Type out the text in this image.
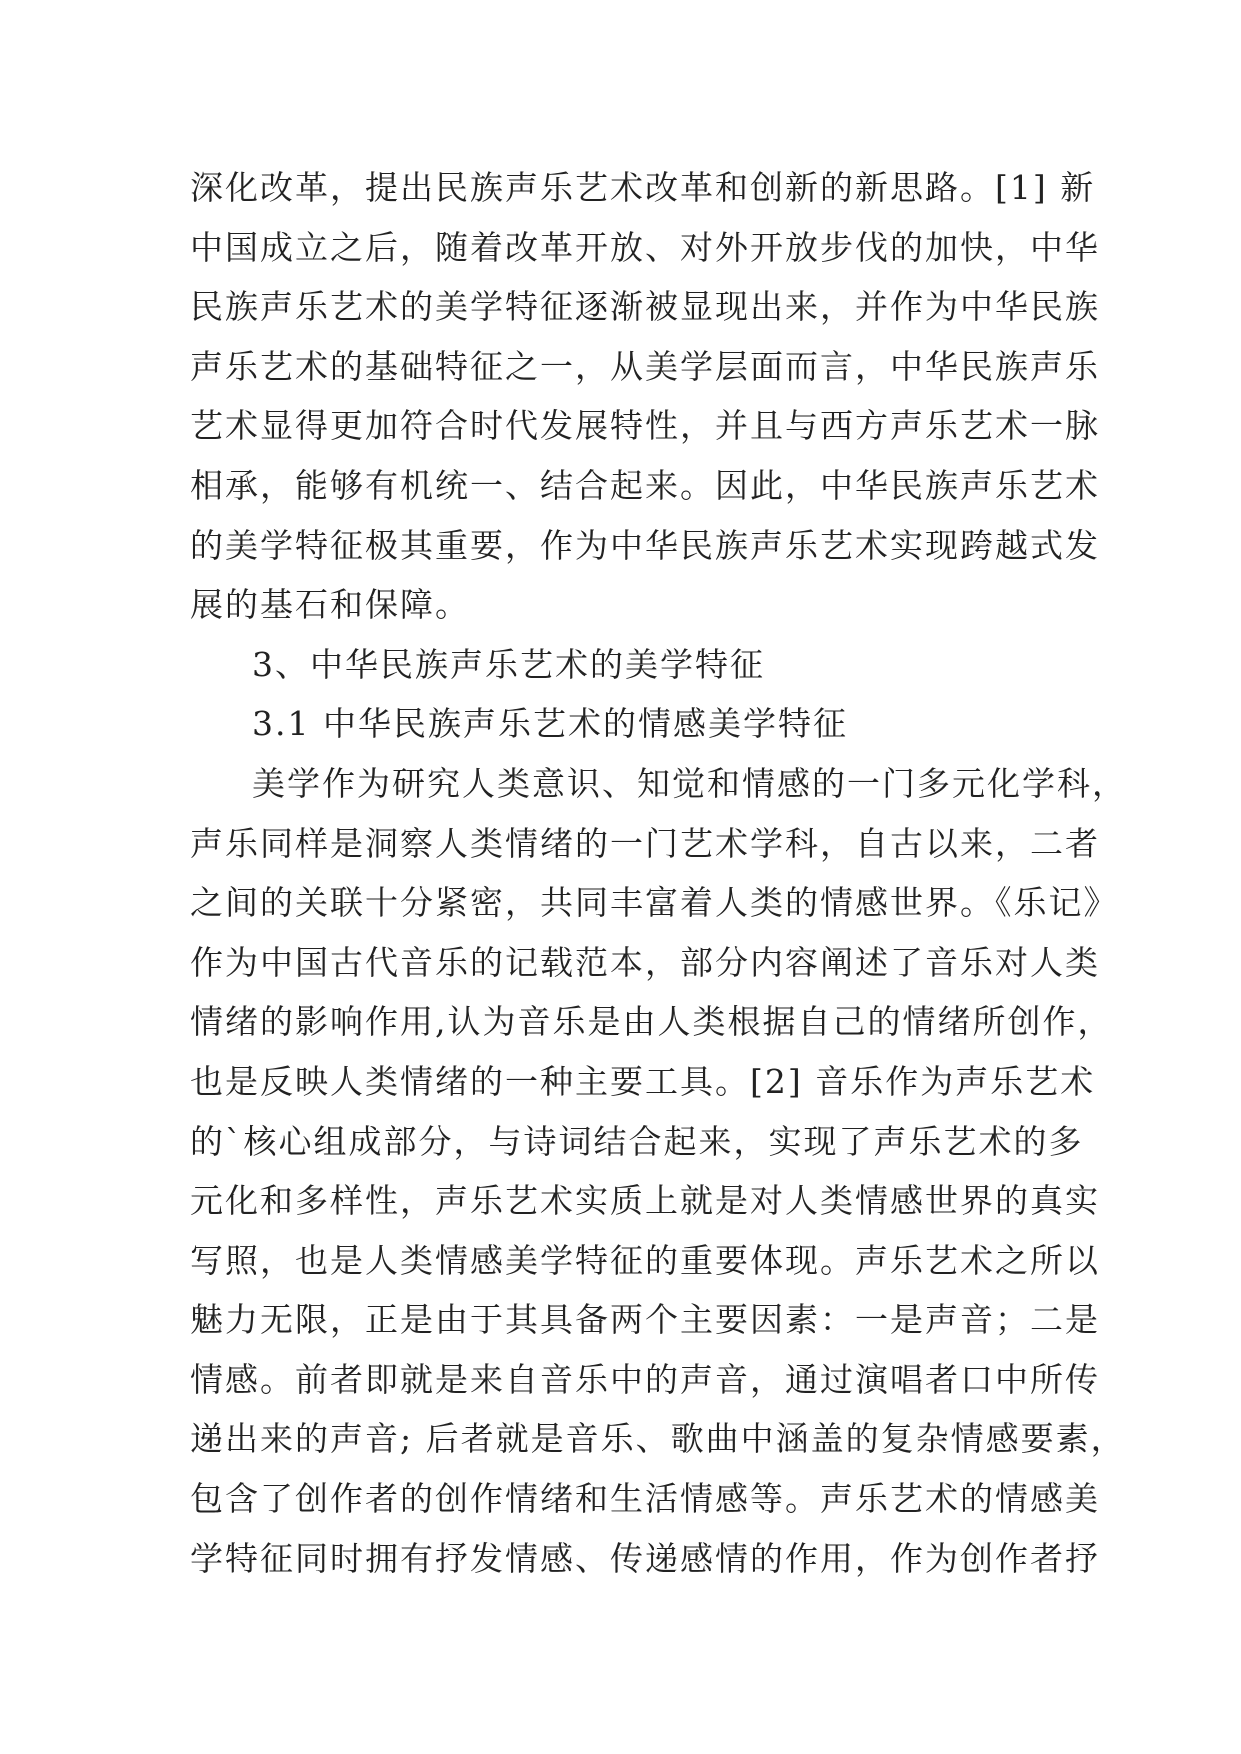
深化改革，提出民族声乐艺术改革和创新的新思路。[1] 新
中国成立之后，随着改革开放、对外开放步伐的加快，中华
民族声乐艺术的美学特征逐渐被显现出来，并作为中华民族
声乐艺术的基础特征之一，从美学层面而言，中华民族声乐
艺术显得更加符合时代发展特性，并且与西方声乐艺术一脉
相承，能够有机统一、结合起来。因此，中华民族声乐艺术
的美学特征极其重要，作为中华民族声乐艺术实现跨越式发
展的基石和保障。
3、中华民族声乐艺术的美学特征
3.1 中华民族声乐艺术的情感美学特征
美学作为研究人类意识、知觉和情感的一门多元化学科，
声乐同样是洞察人类情绪的一门艺术学科，自古以来，二者
之间的关联十分紧密，共同丰富着人类的情感世界。《乐记》
作为中国古代音乐的记载范本，部分内容阐述了音乐对人类
情绪的影响作用,认为音乐是由人类根据自己的情绪所创作，
也是反映人类情绪的一种主要工具。[2] 音乐作为声乐艺术
的`核心组成部分，与诗词结合起来，实现了声乐艺术的多
元化和多样性，声乐艺术实质上就是对人类情感世界的真实
写照，也是人类情感美学特征的重要体现。声乐艺术之所以
魅力无限，正是由于其具备两个主要因素：一是声音；二是
情感。前者即就是来自音乐中的声音，通过演唱者口中所传
递出来的声音; 后者就是音乐、歌曲中涵盖的复杂情感要素，
包含了创作者的创作情绪和生活情感等。声乐艺术的情感美
学特征同时拥有抒发情感、传递感情的作用，作为创作者抒
